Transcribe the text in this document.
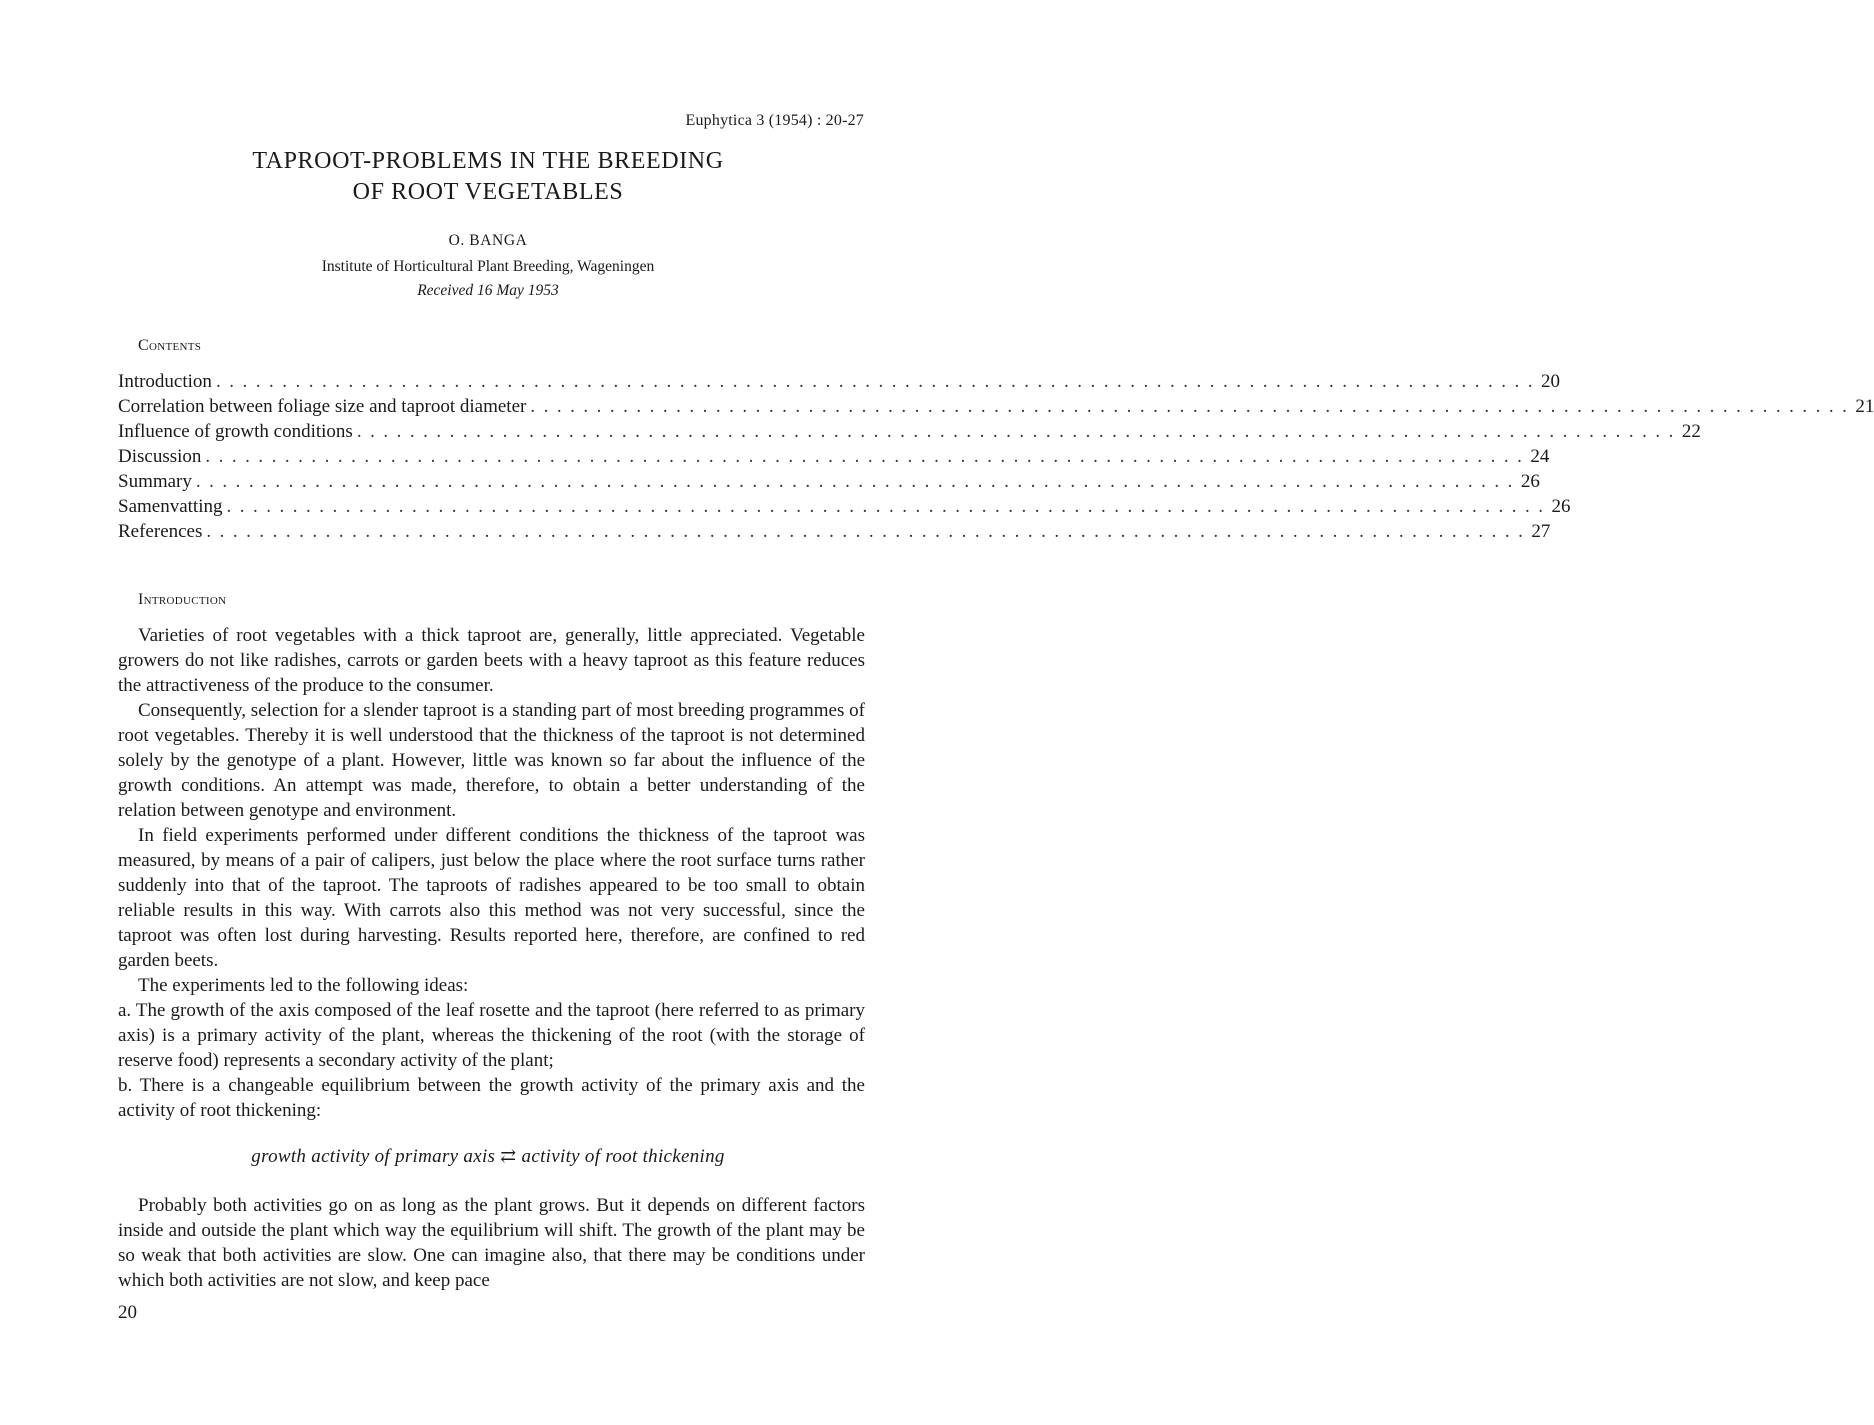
Euphytica 3 (1954) : 20-27
TAPROOT-PROBLEMS IN THE BREEDING
OF ROOT VEGETABLES
O. BANGA
Institute of Horticultural Plant Breeding, Wageningen
Received 16 May 1953
Contents
Introduction .................................................................................................... 20
Correlation between foliage size and taproot diameter .................................................................................................... 21
Influence of growth conditions .................................................................................................... 22
Discussion .................................................................................................... 24
Summary .................................................................................................... 26
Samenvatting .................................................................................................... 26
References .................................................................................................... 27
Introduction

Varieties of root vegetables with a thick taproot are, generally, little appreciated. Vegetable growers do not like radishes, carrots or garden beets with a heavy taproot as this feature reduces the attractiveness of the produce to the consumer.

Consequently, selection for a slender taproot is a standing part of most breeding programmes of root vegetables. Thereby it is well understood that the thickness of the taproot is not determined solely by the genotype of a plant. However, little was known so far about the influence of the growth conditions. An attempt was made, therefore, to obtain a better understanding of the relation between genotype and environment.

In field experiments performed under different conditions the thickness of the taproot was measured, by means of a pair of calipers, just below the place where the root surface turns rather suddenly into that of the taproot. The taproots of radishes appeared to be too small to obtain reliable results in this way. With carrots also this method was not very successful, since the taproot was often lost during harvesting. Results reported here, therefore, are confined to red garden beets.

The experiments led to the following ideas:

a. The growth of the axis composed of the leaf rosette and the taproot (here referred to as primary axis) is a primary activity of the plant, whereas the thickening of the root (with the storage of reserve food) represents a secondary activity of the plant;

b. There is a changeable equilibrium between the growth activity of the primary axis and the activity of root thickening:

growth activity of primary axis ⇄ activity of root thickening

Probably both activities go on as long as the plant grows. But it depends on different factors inside and outside the plant which way the equilibrium will shift. The growth of the plant may be so weak that both activities are slow. One can imagine also, that there may be conditions under which both activities are not slow, and keep pace

20
